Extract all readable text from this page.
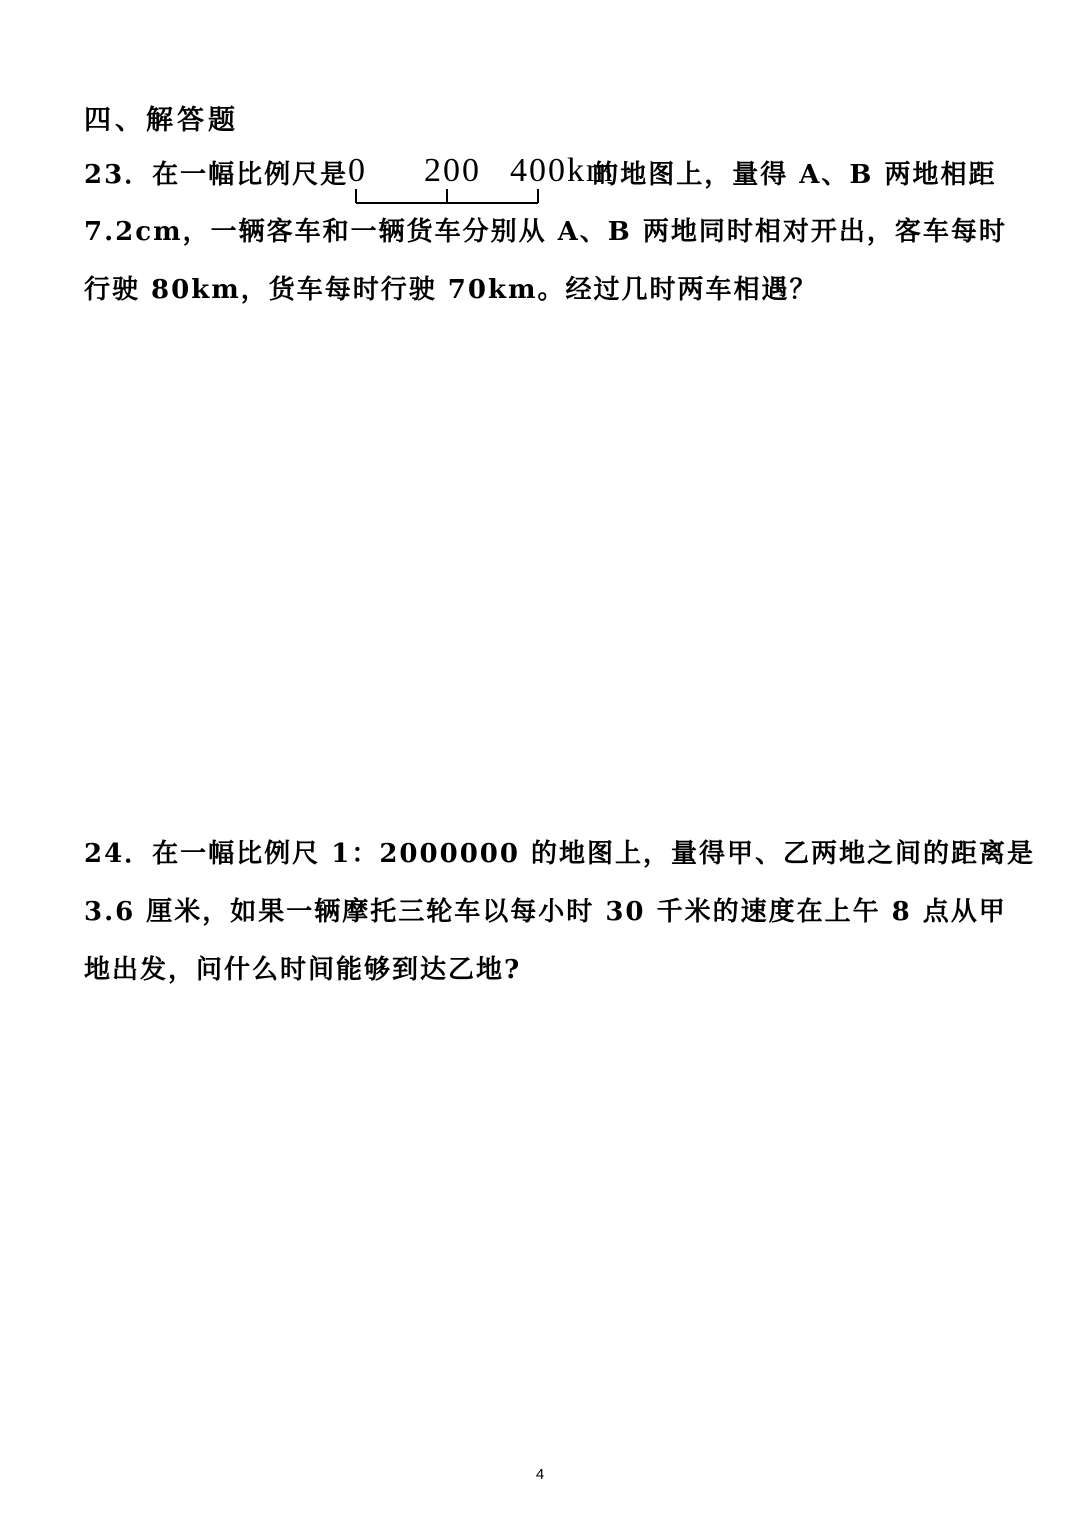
四、解答题
23．在一幅比例尺是 0 200 400km
的地图上，量得 A、B 两地相距
7.2cm，一辆客车和一辆货车分别从 A、B 两地同时相对开出，客车每时
行驶 80km，货车每时行驶 70km。经过几时两车相遇？
24．在一幅比例尺 1：2000000 的地图上，量得甲、乙两地之间的距离是
3.6 厘米，如果一辆摩托三轮车以每小时 30 千米的速度在上午 8 点从甲
地出发，问什么时间能够到达乙地?
4
